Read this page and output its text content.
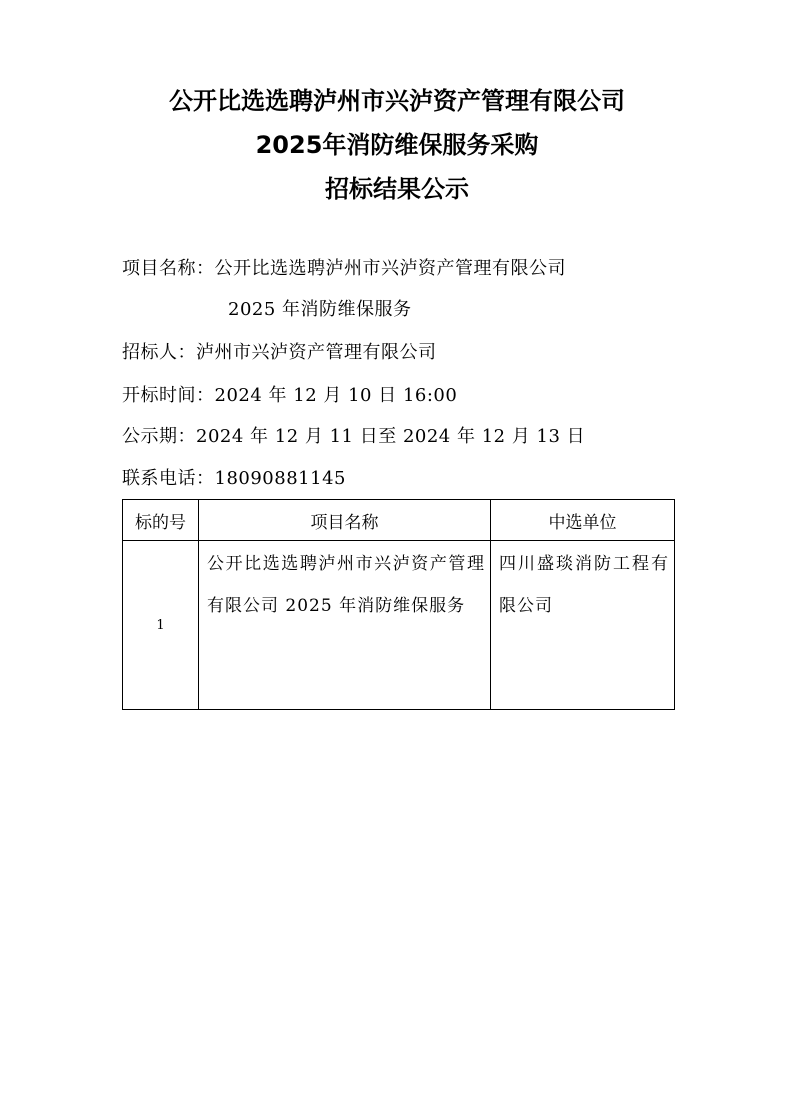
公开比选选聘泸州市兴泸资产管理有限公司
2025年消防维保服务采购
招标结果公示
项目名称：公开比选选聘泸州市兴泸资产管理有限公司
2025 年消防维保服务
招标人：泸州市兴泸资产管理有限公司
开标时间：2024 年 12 月 10 日 16:00
公示期：2024 年 12 月 11 日至 2024 年 12 月 13 日
联系电话：18090881145
标的号	项目名称	中选单位
1	公开比选选聘泸州市兴泸资产管理有限公司 2025 年消防维保服务	四川盛琰消防工程有限公司
